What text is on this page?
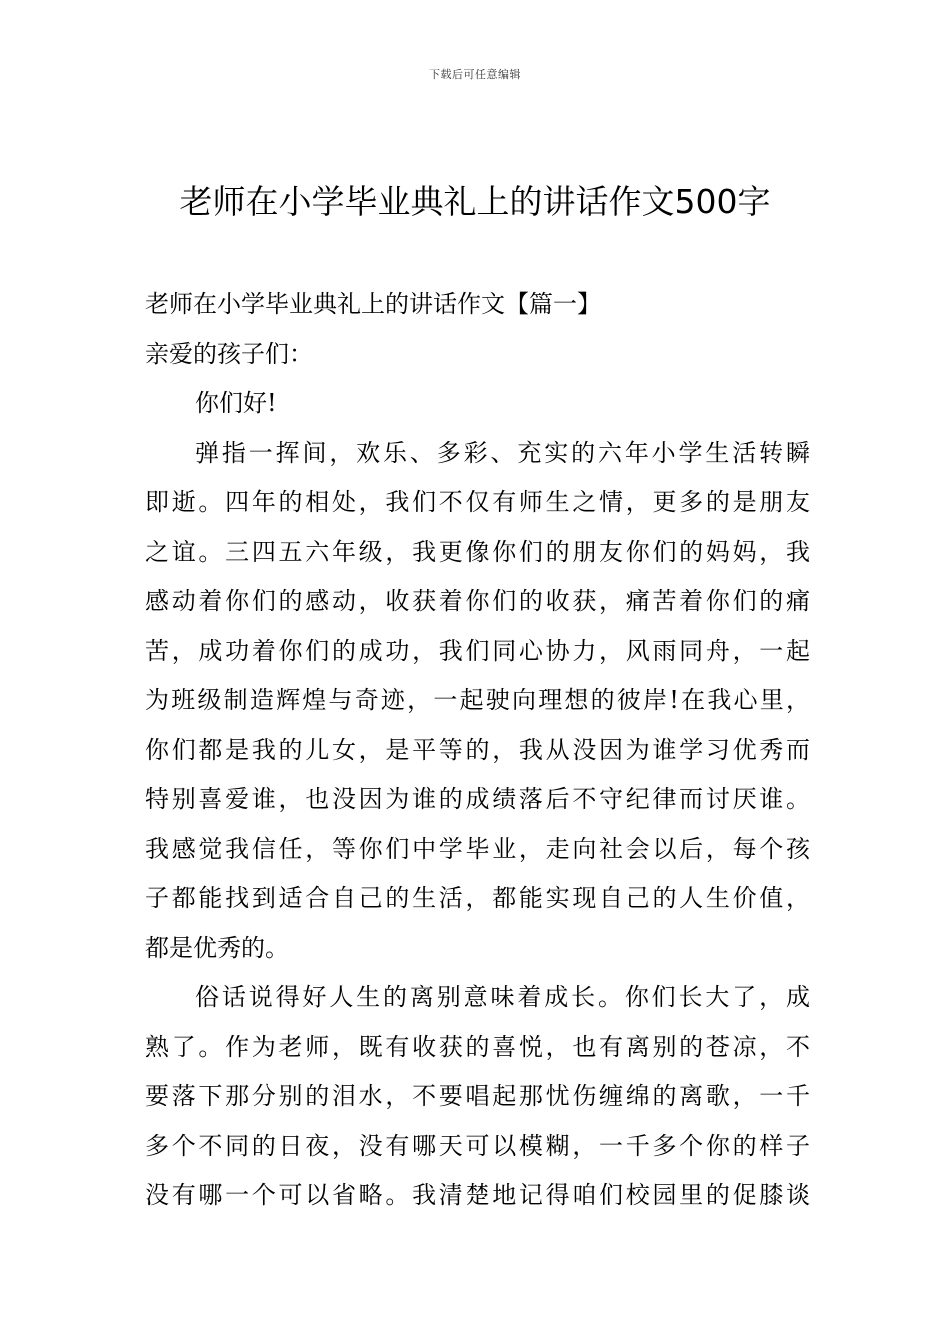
下载后可任意编辑
老师在小学毕业典礼上的讲话作文500字

老师在小学毕业典礼上的讲话作文【篇一】

亲爱的孩子们：

你们好!

弹指一挥间，欢乐、多彩、充实的六年小学生活转瞬

即逝。四年的相处，我们不仅有师生之情，更多的是朋友

之谊。三四五六年级，我更像你们的朋友你们的妈妈，我

感动着你们的感动，收获着你们的收获，痛苦着你们的痛

苦，成功着你们的成功，我们同心协力，风雨同舟，一起

为班级制造辉煌与奇迹，一起驶向理想的彼岸!在我心里，

你们都是我的儿女，是平等的，我从没因为谁学习优秀而

特别喜爱谁，也没因为谁的成绩落后不守纪律而讨厌谁。

我感觉我信任，等你们中学毕业，走向社会以后，每个孩

子都能找到适合自己的生活，都能实现自己的人生价值，

都是优秀的。

俗话说得好人生的离别意味着成长。你们长大了，成

熟了。作为老师，既有收获的喜悦，也有离别的苍凉，不

要落下那分别的泪水，不要唱起那忧伤缠绵的离歌，一千

多个不同的日夜，没有哪天可以模糊，一千多个你的样子

没有哪一个可以省略。我清楚地记得咱们校园里的促膝谈
